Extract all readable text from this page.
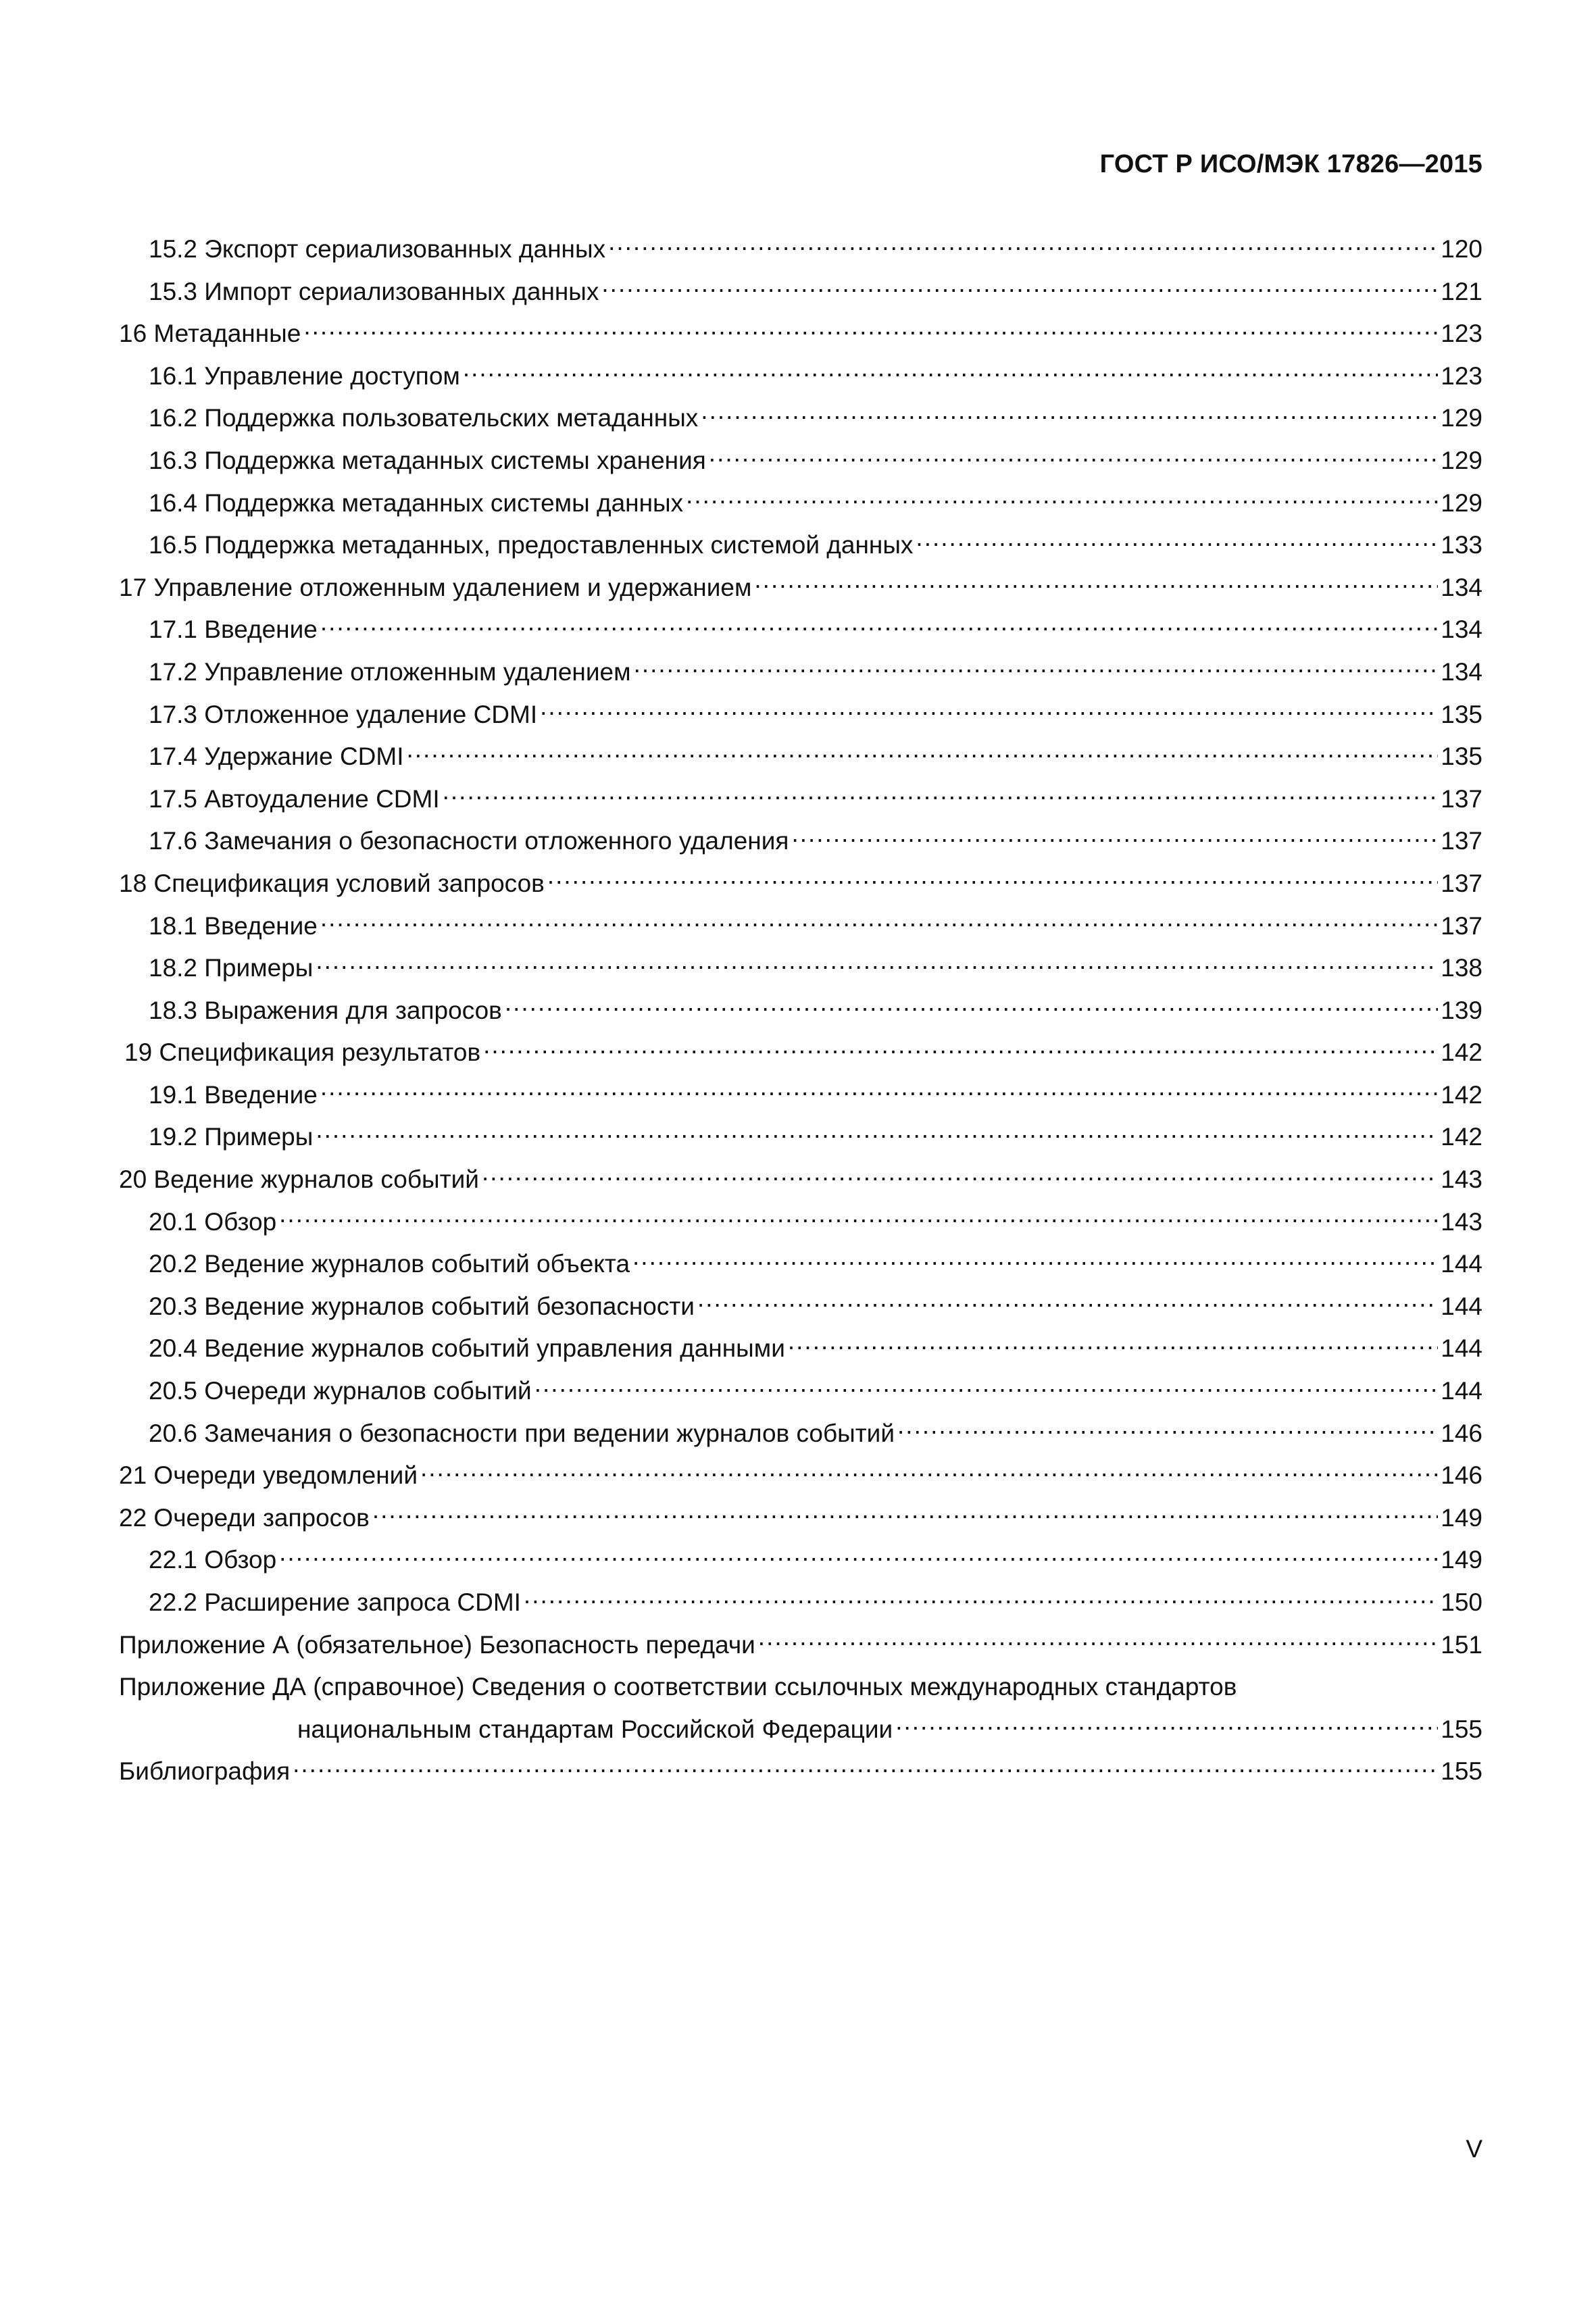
ГОСТ Р ИСО/МЭК 17826—2015
15.2 Экспорт сериализованных данных .....	120
15.3 Импорт сериализованных данных .....	121
16 Метаданные .....	123
16.1 Управление доступом .....	123
16.2 Поддержка пользовательских метаданных .....	129
16.3 Поддержка метаданных системы хранения .....	129
16.4 Поддержка метаданных системы данных .....	129
16.5 Поддержка метаданных, предоставленных системой данных .....	133
17 Управление отложенным удалением и удержанием .....	134
17.1 Введение .....	134
17.2 Управление отложенным удалением .....	134
17.3 Отложенное удаление CDMI .....	135
17.4 Удержание CDMI .....	135
17.5 Автоудаление CDMI .....	137
17.6 Замечания о безопасности отложенного удаления .....	137
18 Спецификация условий запросов .....	137
18.1 Введение .....	137
18.2 Примеры .....	138
18.3 Выражения для запросов .....	139
19 Спецификация результатов .....	142
19.1 Введение .....	142
19.2 Примеры .....	142
20 Ведение журналов событий .....	143
20.1 Обзор .....	143
20.2 Ведение журналов событий объекта .....	144
20.3 Ведение журналов событий безопасности .....	144
20.4 Ведение журналов событий управления данными .....	144
20.5 Очереди журналов событий .....	144
20.6 Замечания о безопасности при ведении журналов событий .....	146
21 Очереди уведомлений .....	146
22 Очереди запросов .....	149
22.1 Обзор .....	149
22.2 Расширение запроса CDMI .....	150
Приложение А (обязательное) Безопасность передачи .....	151
Приложение ДА (справочное) Сведения о соответствии ссылочных международных стандартов
национальным стандартам Российской Федерации .....	155
Библиография .....	155
V
